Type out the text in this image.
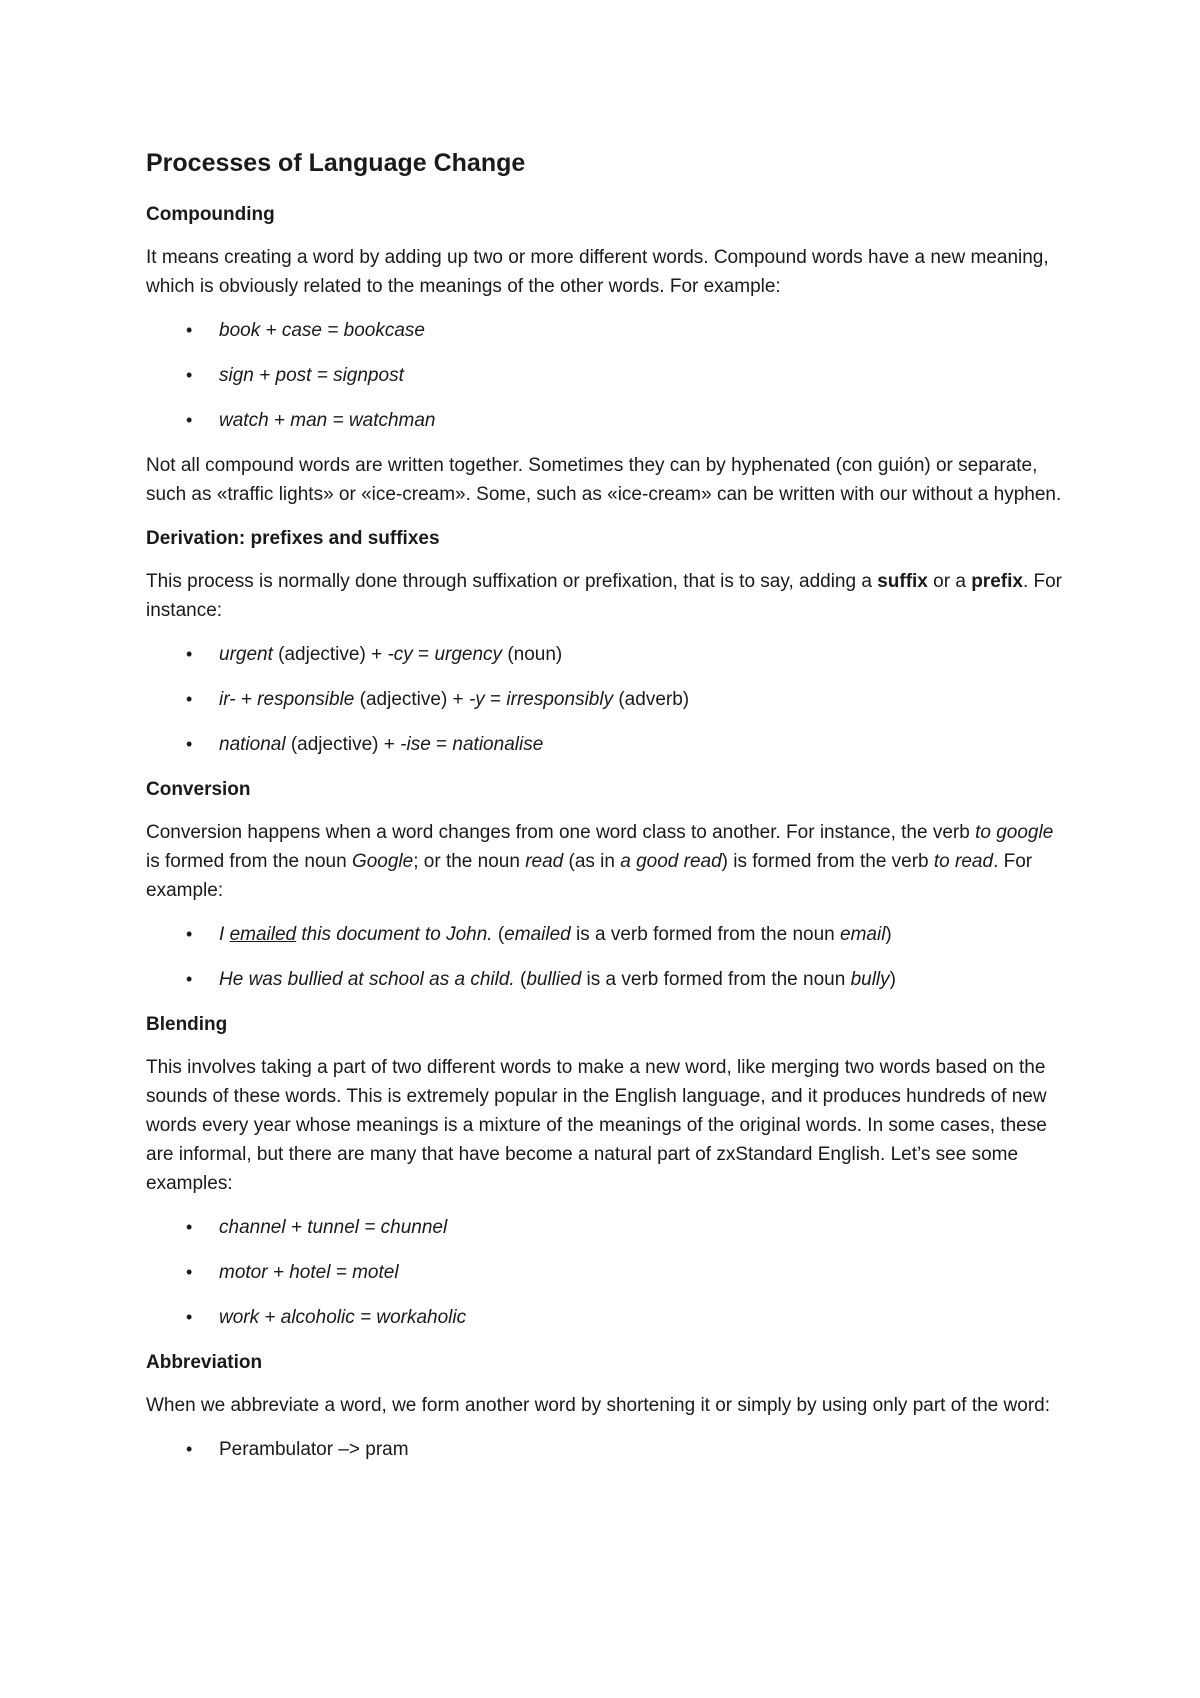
Processes of Language Change
Compounding

It means creating a word by adding up two or more different words. Compound words have a new meaning, which is obviously related to the meanings of the other words. For example:

• book + case = bookcase
• sign + post = signpost
• watch + man = watchman

Not all compound words are written together. Sometimes they can by hyphenated (con guión) or separate, such as «traffic lights» or «ice-cream». Some, such as «ice-cream» can be written with our without a hyphen.

Derivation: prefixes and suffixes

This process is normally done through suffixation or prefixation, that is to say, adding a suffix or a prefix. For instance:

• urgent (adjective) + -cy = urgency (noun)
• ir- + responsible (adjective) + -y = irresponsibly (adverb)
• national (adjective) + -ise = nationalise
Conversion

Conversion happens when a word changes from one word class to another. For instance, the verb to google is formed from the noun Google; or the noun read (as in a good read) is formed from the verb to read. For example:

• I emailed this document to John. (emailed is a verb formed from the noun email)
• He was bullied at school as a child. (bullied is a verb formed from the noun bully)
Blending

This involves taking a part of two different words to make a new word, like merging two words based on the sounds of these words. This is extremely popular in the English language, and it produces hundreds of new words every year whose meanings is a mixture of the meanings of the original words. In some cases, these are informal, but there are many that have become a natural part of zxStandard English. Let’s see some examples:

• channel + tunnel = chunnel
• motor + hotel = motel
• work + alcoholic = workaholic
Abbreviation

When we abbreviate a word, we form another word by shortening it or simply by using only part of the word:

• Perambulator –> pram
